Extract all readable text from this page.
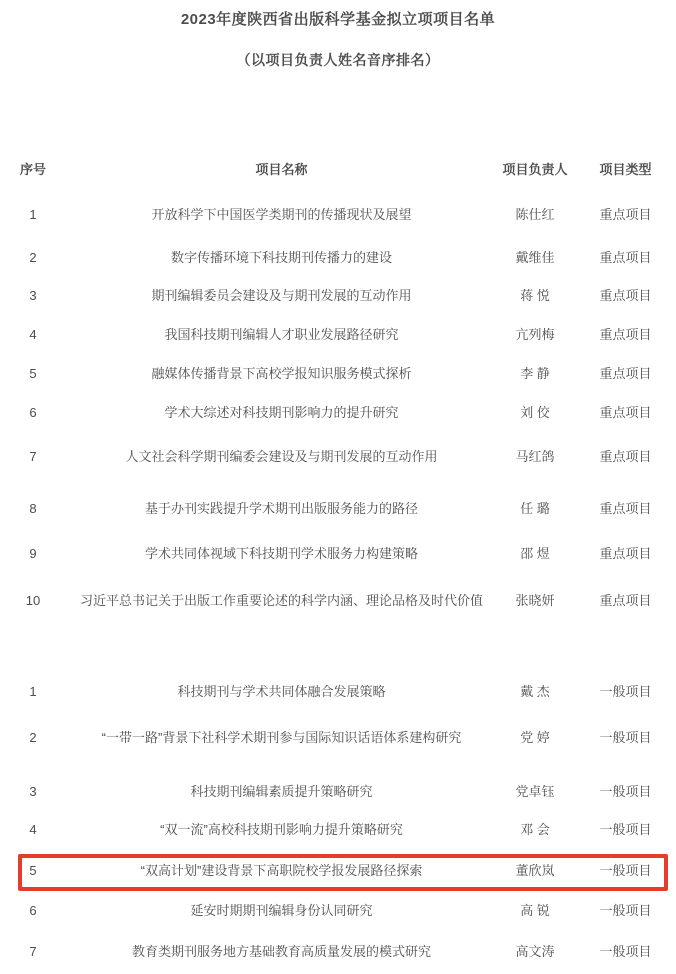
2023年度陕西省出版科学基金拟立项项目名单
（以项目负责人姓名音序排名）
序号	项目名称	项目负责人	项目类型
1	开放科学下中国医学类期刊的传播现状及展望	陈仕红	重点项目
2	数字传播环境下科技期刊传播力的建设	戴维佳	重点项目
3	期刊编辑委员会建设及与期刊发展的互动作用	蒋 悦	重点项目
4	我国科技期刊编辑人才职业发展路径研究	亢列梅	重点项目
5	融媒体传播背景下高校学报知识服务模式探析	李 静	重点项目
6	学术大综述对科技期刊影响力的提升研究	刘 佼	重点项目
7	人文社会科学期刊编委会建设及与期刊发展的互动作用	马红鸽	重点项目
8	基于办刊实践提升学术期刊出版服务能力的路径	任 璐	重点项目
9	学术共同体视域下科技期刊学术服务力构建策略	邵 煜	重点项目
10	习近平总书记关于出版工作重要论述的科学内涵、理论品格及时代价值	张晓妍	重点项目
1	科技期刊与学术共同体融合发展策略	戴 杰	一般项目
2	“一带一路”背景下社科学术期刊参与国际知识话语体系建构研究	党 婷	一般项目
3	科技期刊编辑素质提升策略研究	党卓钰	一般项目
4	“双一流”高校科技期刊影响力提升策略研究	邓 会	一般项目
5	“双高计划”建设背景下高职院校学报发展路径探索	董欣岚	一般项目
6	延安时期期刊编辑身份认同研究	高 锐	一般项目
7	教育类期刊服务地方基础教育高质量发展的模式研究	高文涛	一般项目
